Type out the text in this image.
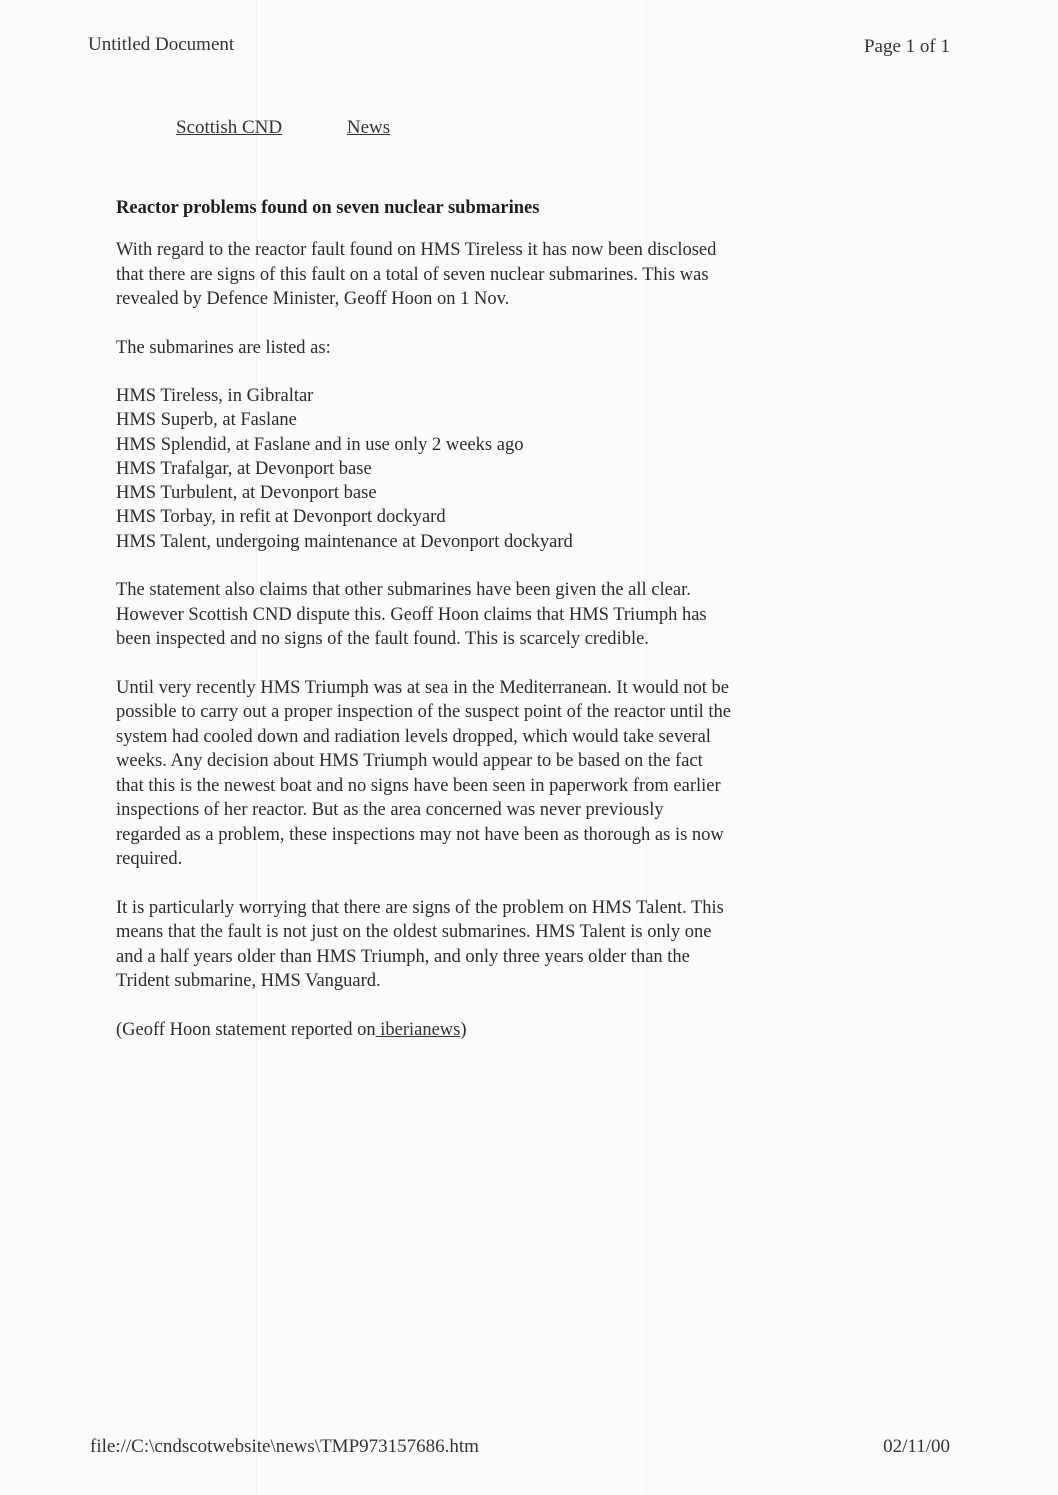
Untitled Document	Page 1 of 1
Scottish CND	News
Reactor problems found on seven nuclear submarines

With regard to the reactor fault found on HMS Tireless it has now been disclosed
that there are signs of this fault on a total of seven nuclear submarines. This was
revealed by Defence Minister, Geoff Hoon on 1 Nov.

The submarines are listed as:

HMS Tireless, in Gibraltar
HMS Superb, at Faslane
HMS Splendid, at Faslane and in use only 2 weeks ago
HMS Trafalgar, at Devonport base
HMS Turbulent, at Devonport base
HMS Torbay, in refit at Devonport dockyard
HMS Talent, undergoing maintenance at Devonport dockyard

The statement also claims that other submarines have been given the all clear.
However Scottish CND dispute this. Geoff Hoon claims that HMS Triumph has
been inspected and no signs of the fault found. This is scarcely credible.

Until very recently HMS Triumph was at sea in the Mediterranean. It would not be
possible to carry out a proper inspection of the suspect point of the reactor until the
system had cooled down and radiation levels dropped, which would take several
weeks. Any decision about HMS Triumph would appear to be based on the fact
that this is the newest boat and no signs have been seen in paperwork from earlier
inspections of her reactor. But as the area concerned was never previously
regarded as a problem, these inspections may not have been as thorough as is now
required.

It is particularly worrying that there are signs of the problem on HMS Talent. This
means that the fault is not just on the oldest submarines. HMS Talent is only one
and a half years older than HMS Triumph, and only three years older than the
Trident submarine, HMS Vanguard.

(Geoff Hoon statement reported on iberianews)

file://C:\cndscotwebsite\news\TMP973157686.htm	02/11/00
